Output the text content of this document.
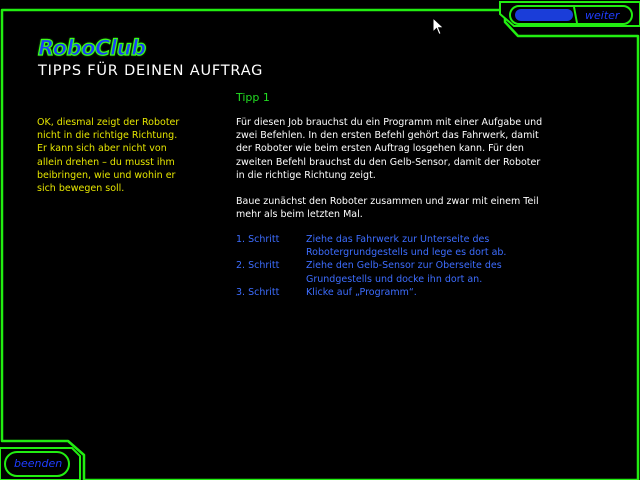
RoboClub
TIPPS FÜR DEINEN AUFTRAG
Tipp 1
OK, diesmal zeigt der Roboter
nicht in die richtige Richtung.
Er kann sich aber nicht von
allein drehen – du musst ihm
beibringen, wie und wohin er
sich bewegen soll.
Für diesen Job brauchst du ein Programm mit einer Aufgabe und
zwei Befehlen. In den ersten Befehl gehört das Fahrwerk, damit
der Roboter wie beim ersten Auftrag losgehen kann. Für den
zweiten Befehl brauchst du den Gelb-Sensor, damit der Roboter
in die richtige Richtung zeigt.
Baue zunächst den Roboter zusammen und zwar mit einem Teil
mehr als beim letzten Mal.
1. Schritt	Ziehe das Fahrwerk zur Unterseite des
Robotergrundgestells und lege es dort ab.
2. Schritt	Ziehe den Gelb-Sensor zur Oberseite des
Grundgestells und docke ihn dort an.
3. Schritt	Klicke auf „Programm“.
weiter
beenden
